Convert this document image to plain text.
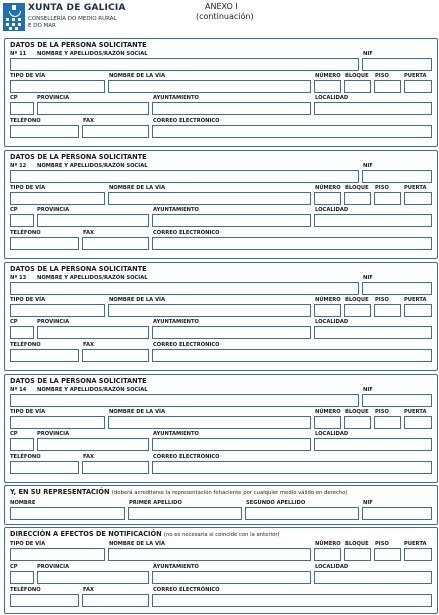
XUNTA DE GALICIA
CONSELLERÍA DO MEDIO RURAL
E DO MAR
ANEXO I
(continuación)
DATOS DE LA PERSONA SOLICITANTE
Nº 11 NOMBRE Y APELLIDOS/RAZÓN SOCIAL	NIF
TIPO DE VÍA	NOMBRE DE LA VÍA	NÚMERO BLOQUE PISO	PUERTA
CP	PROVINCIA	AYUNTAMIENTO	LOCALIDAD
TELÉFONO	FAX	CORREO ELECTRÓNICO
DATOS DE LA PERSONA SOLICITANTE
Nº 12 NOMBRE Y APELLIDOS/RAZÓN SOCIAL	NIF
TIPO DE VÍA	NOMBRE DE LA VÍA	NÚMERO BLOQUE PISO	PUERTA
CP	PROVINCIA	AYUNTAMIENTO	LOCALIDAD
TELÉFONO	FAX	CORREO ELECTRÓNICO
DATOS DE LA PERSONA SOLICITANTE
Nº 13 NOMBRE Y APELLIDOS/RAZÓN SOCIAL	NIF
TIPO DE VÍA	NOMBRE DE LA VÍA	NÚMERO BLOQUE PISO	PUERTA
CP	PROVINCIA	AYUNTAMIENTO	LOCALIDAD
TELÉFONO	FAX	CORREO ELECTRÓNICO
DATOS DE LA PERSONA SOLICITANTE
Nº 14 NOMBRE Y APELLIDOS/RAZÓN SOCIAL	NIF
TIPO DE VÍA	NOMBRE DE LA VÍA	NÚMERO BLOQUE PISO	PUERTA
CP	PROVINCIA	AYUNTAMIENTO	LOCALIDAD
TELÉFONO	FAX	CORREO ELECTRÓNICO
Y, EN SU REPRESENTACIÓN (deberá acreditarse la representación fehaciente por cualquier medio válido en derecho)
NOMBRE	PRIMER APELLIDO	SEGUNDO APELLIDO	NIF
DIRECCIÓN A EFECTOS DE NOTIFICACIÓN (no es necesaria si coincide con la anterior)
TIPO DE VÍA	NOMBRE DE LA VÍA	NÚMERO BLOQUE PISO	PUERTA
CP	PROVINCIA	AYUNTAMIENTO	LOCALIDAD
TELÉFONO	FAX	CORREO ELECTRÓNICO
